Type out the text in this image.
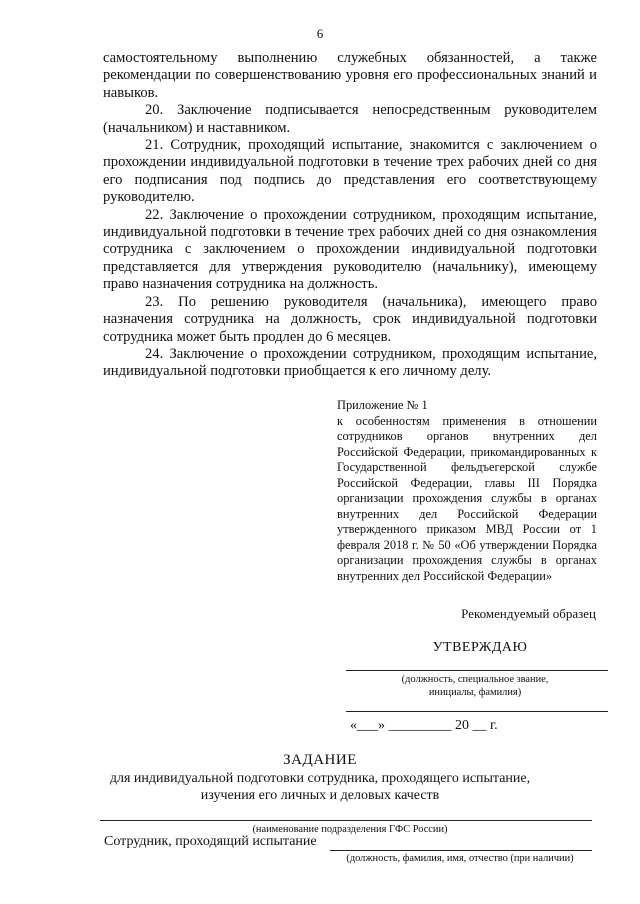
6

самостоятельному выполнению служебных обязанностей, а также рекомендации по совершенствованию уровня его профессиональных знаний и навыков.

20. Заключение подписывается непосредственным руководителем (начальником) и наставником.

21. Сотрудник, проходящий испытание, знакомится с заключением о прохождении индивидуальной подготовки в течение трех рабочих дней со дня его подписания под подпись до представления его соответствующему руководителю.

22. Заключение о прохождении сотрудником, проходящим испытание, индивидуальной подготовки в течение трех рабочих дней со дня ознакомления сотрудника с заключением о прохождении индивидуальной подготовки представляется для утверждения руководителю (начальнику), имеющему право назначения сотрудника на должность.

23. По решению руководителя (начальника), имеющего право назначения сотрудника на должность, срок индивидуальной подготовки сотрудника может быть продлен до 6 месяцев.

24. Заключение о прохождении сотрудником, проходящим испытание, индивидуальной подготовки приобщается к его личному делу.

Приложение № 1

к особенностям применения в отношении сотрудников органов внутренних дел Российской Федерации, прикомандированных к Государственной фельдъегерской службе Российской Федерации, главы III Порядка организации прохождения службы в органах внутренних дел Российской Федерации утвержденного приказом МВД России от 1 февраля 2018 г. № 50 «Об утверждении Порядка организации прохождения службы в органах внутренних дел Российской Федерации»

Рекомендуемый образец
УТВЕРЖДАЮ
(должность, специальное звание, инициалы, фамилия)
«___» _________ 20 __ г.
ЗАДАНИЕ
для индивидуальной подготовки сотрудника, проходящего испытание, изучения его личных и деловых качеств
(наименование подразделения ГФС России)
Сотрудник, проходящий испытание
(должность, фамилия, имя, отчество (при наличии)
